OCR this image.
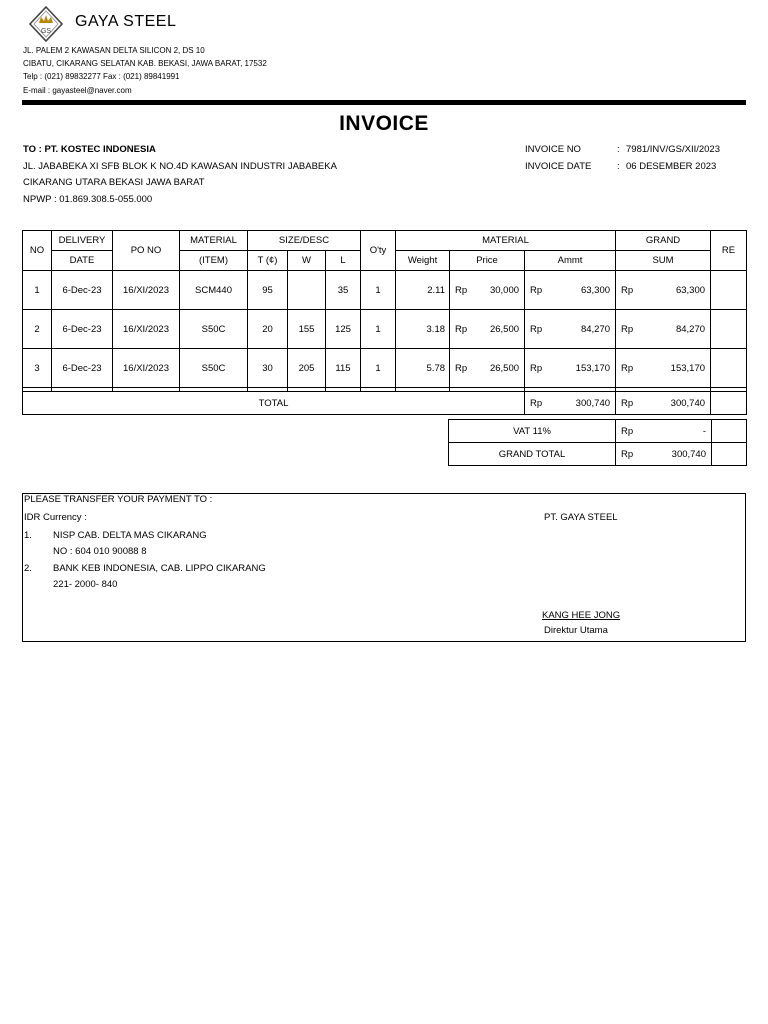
GS
GAYA STEEL
JL. PALEM 2 KAWASAN DELTA SILICON 2, DS 10
CIBATU, CIKARANG SELATAN KAB. BEKASI, JAWA BARAT, 17532
Telp : (021) 89832277 Fax : (021) 89841991
E-mail : gayasteel@naver.com
INVOICE
TO : PT. KOSTEC INDONESIA
JL. JABABEKA XI SFB BLOK K NO.4D KAWASAN INDUSTRI JABABEKA
CIKARANG UTARA BEKASI JAWA BARAT
NPWP : 01.869.308.5-055.000
INVOICE NO	: 7981/INV/GS/XII/2023
INVOICE DATE	: 06 DESEMBER 2023
NO	DELIVERY	PO NO	MATERIAL	SIZE/DESC			O'ty	MATERIAL			GRAND	RE
	DATE		(ITEM)	T (¢)	W	L		Weight	Price	Ammt	SUM	
1	6-Dec-23	16/XI/2023	SCM440	95		35	1	2.11	Rp 30,000	Rp 63,300	Rp 63,300	

2	6-Dec-23	16/XI/2023	S50C	20	155	125	1	3.18	Rp 26,500	Rp 84,270	Rp 84,270	

3	6-Dec-23	16/XI/2023	S50C	30	205	115	1	5.78	Rp 26,500	Rp 153,170	Rp 153,170	

TOTAL										Rp 300,740	Rp 300,740	

VAT 11%	Rp -	

GRAND TOTAL	Rp 300,740	

PLEASE TRANSFER YOUR PAYMENT TO :
IDR Currency :
1. NISP CAB. DELTA MAS CIKARANG
NO : 604 010 90088 8
2. BANK KEB INDONESIA, CAB. LIPPO CIKARANG
221- 2000- 840
PT. GAYA STEEL
KANG HEE JONG
Direktur Utama
